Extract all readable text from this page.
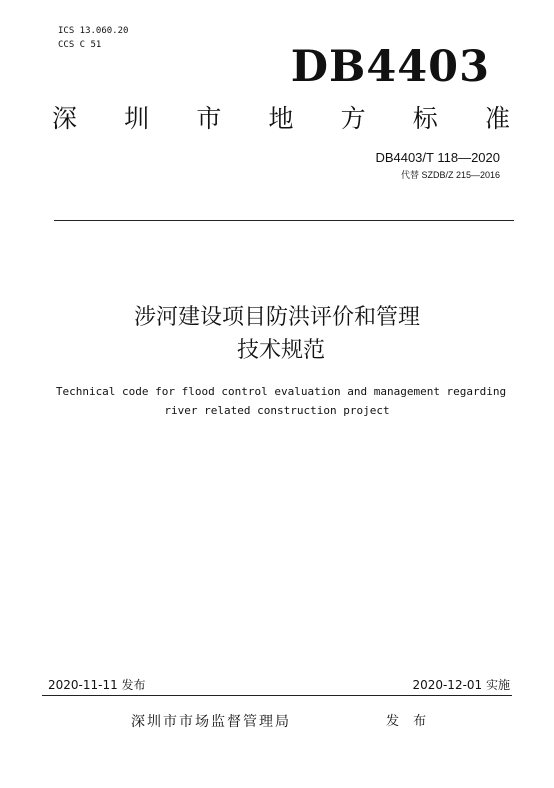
ICS 13.060.20
CCS C 51	DB4403
深 圳 市 地 方 标 准
DB4403/T 118—2020
代替 SZDB/Z 215—2016
涉河建设项目防洪评价和管理
技术规范
Technical code for flood control evaluation and management regarding
river related construction project
2020-11-11 发布	2020-12-01 实施
深圳市市场监督管理局	发 布
